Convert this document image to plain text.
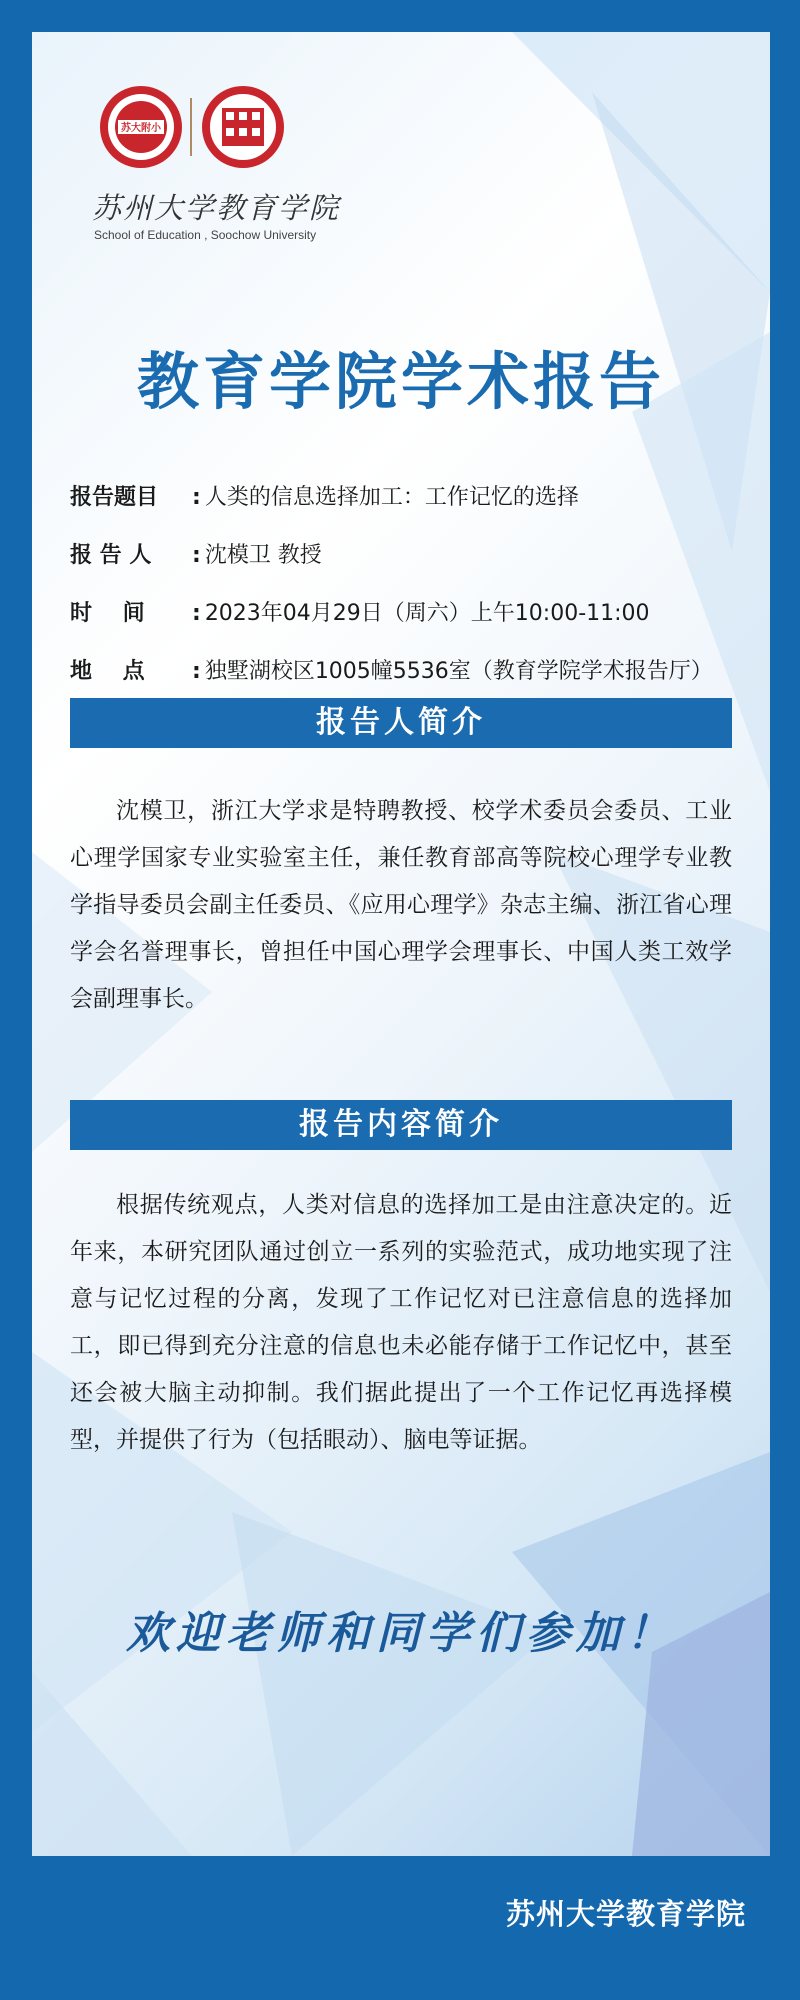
苏大附小
苏州大学教育学院
School of Education , Soochow University
教育学院学术报告
报告题目 : 人类的信息选择加工：工作记忆的选择
报 告 人 : 沈模卫 教授
时    间 : 2023年04月29日（周六）上午10:00-11:00
地    点 : 独墅湖校区1005幢5536室（教育学院学术报告厅）
报告人简介
沈模卫，浙江大学求是特聘教授、校学术委员会委员、工业心理学国家专业实验室主任，兼任教育部高等院校心理学专业教学指导委员会副主任委员、《应用心理学》杂志主编、浙江省心理学会名誉理事长，曾担任中国心理学会理事长、中国人类工效学会副理事长。
报告内容简介
根据传统观点，人类对信息的选择加工是由注意决定的。近年来，本研究团队通过创立一系列的实验范式，成功地实现了注意与记忆过程的分离，发现了工作记忆对已注意信息的选择加工，即已得到充分注意的信息也未必能存储于工作记忆中，甚至还会被大脑主动抑制。我们据此提出了一个工作记忆再选择模型，并提供了行为（包括眼动）、脑电等证据。
欢迎老师和同学们参加！
苏州大学教育学院
